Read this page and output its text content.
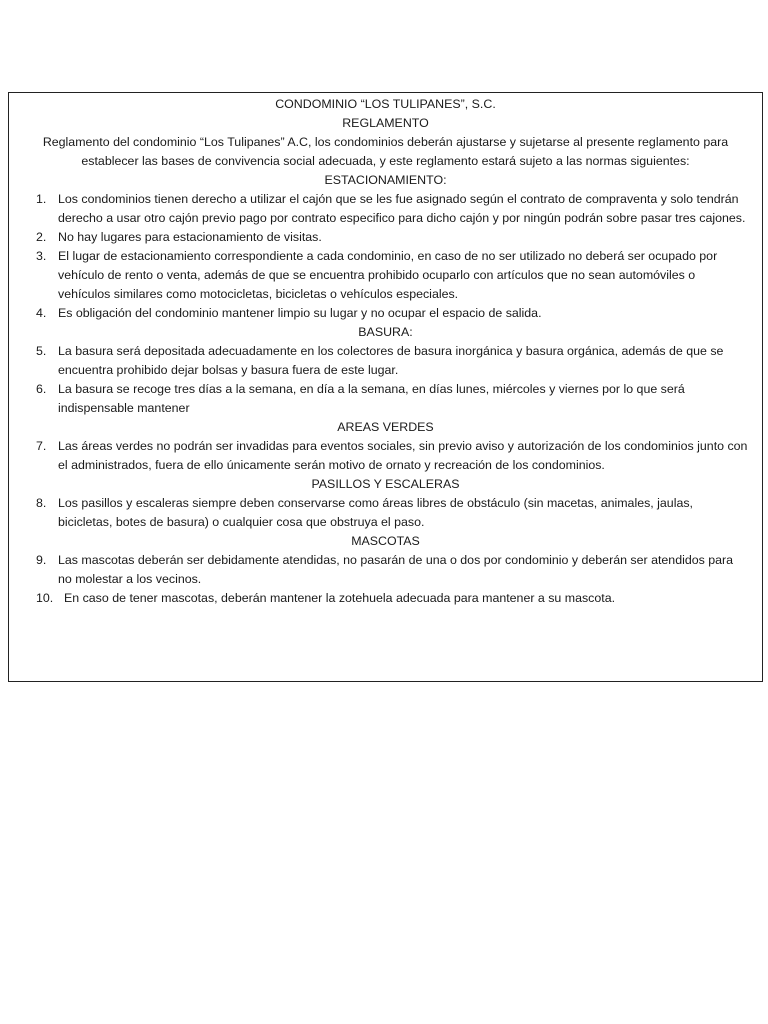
CONDOMINIO “LOS TULIPANES”, S.C.
REGLAMENTO
Reglamento del condominio “Los Tulipanes” A.C, los condominios deberán ajustarse y sujetarse al presente reglamento para establecer las bases de convivencia social adecuada, y este reglamento estará sujeto a las normas siguientes:
ESTACIONAMIENTO:
1. Los condominios tienen derecho a utilizar el cajón que se les fue asignado según el contrato de compraventa y solo tendrán derecho a usar otro cajón previo pago por contrato especifico para dicho cajón y por ningún podrán sobre pasar tres cajones.
2. No hay lugares para estacionamiento de visitas.
3. El lugar de estacionamiento correspondiente a cada condominio, en caso de no ser utilizado no deberá ser ocupado por vehículo de rento o venta, además de que se encuentra prohibido ocuparlo con artículos que no sean automóviles o vehículos similares como motocicletas, bicicletas o vehículos especiales.
4. Es obligación del condominio mantener limpio su lugar y no ocupar el espacio de salida.
BASURA:
5. La basura será depositada adecuadamente en los colectores de basura inorgánica y basura orgánica, además de que se encuentra prohibido dejar bolsas y basura fuera de este lugar.
6. La basura se recoge tres días a la semana, en día a la semana, en días lunes, miércoles y viernes por lo que será indispensable mantener
AREAS VERDES
7. Las áreas verdes no podrán ser invadidas para eventos sociales, sin previo aviso y autorización de los condominios junto con el administrados, fuera de ello únicamente serán motivo de ornato y recreación de los condominios.
PASILLOS Y ESCALERAS
8. Los pasillos y escaleras siempre deben conservarse como áreas libres de obstáculo (sin macetas, animales, jaulas, bicicletas, botes de basura) o cualquier cosa que obstruya el paso.
MASCOTAS
9. Las mascotas deberán ser debidamente atendidas, no pasarán de una o dos por condominio y deberán ser atendidos para no molestar a los vecinos.
10. En caso de tener mascotas, deberán mantener la zotehuela adecuada para mantener a su mascota.
